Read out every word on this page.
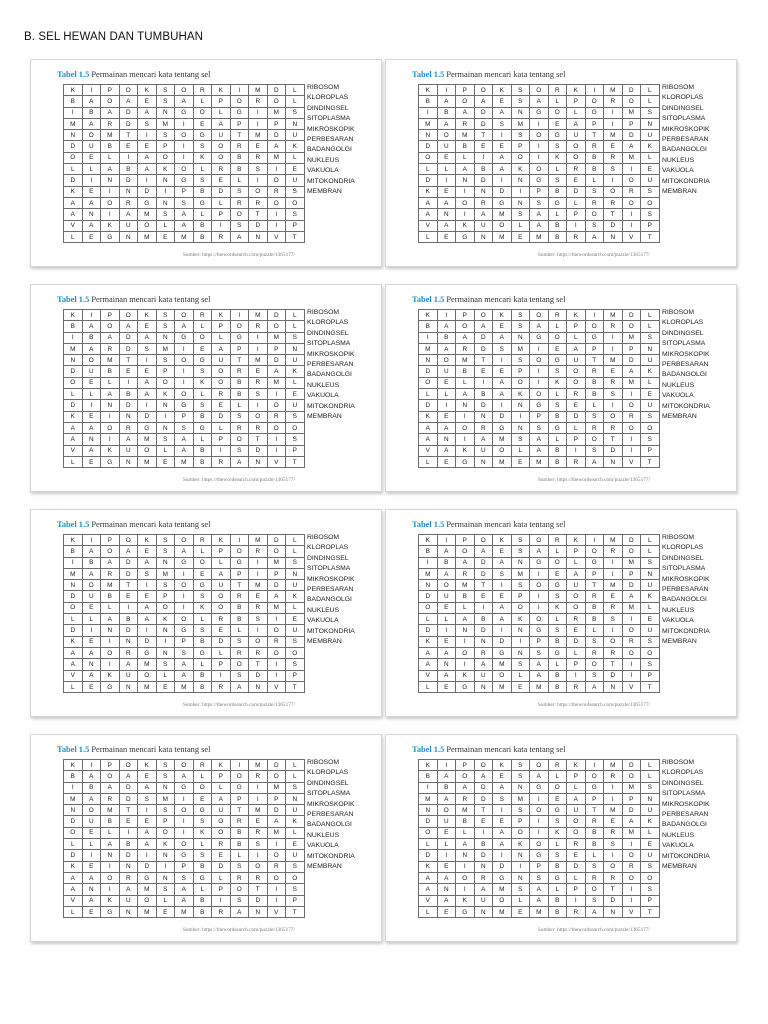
B. SEL HEWAN DAN TUMBUHAN
Tabel 1.5 Permainan mencari kata tentang sel
K	I	P	O	K	S	O	R	K	I	M	D	L
B	A	O	A	E	S	A	L	P	O	R	O	L
I	B	A	D	A	N	G	O	L	G	I	M	S
M	A	R	D	S	M	I	E	A	P	I	P	N
N	O	M	T	I	S	O	G	U	T	M	D	U
D	U	B	E	E	P	I	S	O	R	E	A	K
O	E	L	I	A	O	I	K	O	B	R	M	L
L	L	A	B	A	K	O	L	R	B	S	I	E
D	I	N	D	I	N	G	S	E	L	I	O	U
K	E	I	N	D	I	P	B	D	S	O	R	S
A	A	O	R	G	N	S	G	L	R	R	O	O
A	N	I	A	M	S	A	L	P	O	T	I	S
V	A	K	U	O	L	A	B	I	S	D	I	P
L	E	G	N	M	E	M	B	R	A	N	V	T
RIBOSOM
KLOROPLAS
DINDINGSEL
SITOPLASMA
MIKROSKOPIK
PERBESARAN
BADANGOLGI
NUKLEUS
VAKUOLA
MITOKONDRIA
MEMBRAN
Sumber: https://thewordsearch.com/puzzle/1365177/
Tabel 1.5 Permainan mencari kata tentang sel
K	I	P	O	K	S	O	R	K	I	M	D	L
B	A	O	A	E	S	A	L	P	O	R	O	L
I	B	A	D	A	N	G	O	L	G	I	M	S
M	A	R	D	S	M	I	E	A	P	I	P	N
N	O	M	T	I	S	O	G	U	T	M	D	U
D	U	B	E	E	P	I	S	O	R	E	A	K
O	E	L	I	A	O	I	K	O	B	R	M	L
L	L	A	B	A	K	O	L	R	B	S	I	E
D	I	N	D	I	N	G	S	E	L	I	O	U
K	E	I	N	D	I	P	B	D	S	O	R	S
A	A	O	R	G	N	S	G	L	R	R	O	O
A	N	I	A	M	S	A	L	P	O	T	I	S
V	A	K	U	O	L	A	B	I	S	D	I	P
L	E	G	N	M	E	M	B	R	A	N	V	T
RIBOSOM
KLOROPLAS
DINDINGSEL
SITOPLASMA
MIKROSKOPIK
PERBESARAN
BADANGOLGI
NUKLEUS
VAKUOLA
MITOKONDRIA
MEMBRAN
Sumber: https://thewordsearch.com/puzzle/1365177/
Tabel 1.5 Permainan mencari kata tentang sel
K	I	P	O	K	S	O	R	K	I	M	D	L
B	A	O	A	E	S	A	L	P	O	R	O	L
I	B	A	D	A	N	G	O	L	G	I	M	S
M	A	R	D	S	M	I	E	A	P	I	P	N
N	O	M	T	I	S	O	G	U	T	M	D	U
D	U	B	E	E	P	I	S	O	R	E	A	K
O	E	L	I	A	O	I	K	O	B	R	M	L
L	L	A	B	A	K	O	L	R	B	S	I	E
D	I	N	D	I	N	G	S	E	L	I	O	U
K	E	I	N	D	I	P	B	D	S	O	R	S
A	A	O	R	G	N	S	G	L	R	R	O	O
A	N	I	A	M	S	A	L	P	O	T	I	S
V	A	K	U	O	L	A	B	I	S	D	I	P
L	E	G	N	M	E	M	B	R	A	N	V	T
RIBOSOM
KLOROPLAS
DINDINGSEL
SITOPLASMA
MIKROSKOPIK
PERBESARAN
BADANGOLGI
NUKLEUS
VAKUOLA
MITOKONDRIA
MEMBRAN
Sumber: https://thewordsearch.com/puzzle/1365177/
Tabel 1.5 Permainan mencari kata tentang sel
K	I	P	O	K	S	O	R	K	I	M	D	L
B	A	O	A	E	S	A	L	P	O	R	O	L
I	B	A	D	A	N	G	O	L	G	I	M	S
M	A	R	D	S	M	I	E	A	P	I	P	N
N	O	M	T	I	S	O	G	U	T	M	D	U
D	U	B	E	E	P	I	S	O	R	E	A	K
O	E	L	I	A	O	I	K	O	B	R	M	L
L	L	A	B	A	K	O	L	R	B	S	I	E
D	I	N	D	I	N	G	S	E	L	I	O	U
K	E	I	N	D	I	P	B	D	S	O	R	S
A	A	O	R	G	N	S	G	L	R	R	O	O
A	N	I	A	M	S	A	L	P	O	T	I	S
V	A	K	U	O	L	A	B	I	S	D	I	P
L	E	G	N	M	E	M	B	R	A	N	V	T
RIBOSOM
KLOROPLAS
DINDINGSEL
SITOPLASMA
MIKROSKOPIK
PERBESARAN
BADANGOLGI
NUKLEUS
VAKUOLA
MITOKONDRIA
MEMBRAN
Sumber: https://thewordsearch.com/puzzle/1365177/
Tabel 1.5 Permainan mencari kata tentang sel
K	I	P	O	K	S	O	R	K	I	M	D	L
B	A	O	A	E	S	A	L	P	O	R	O	L
I	B	A	D	A	N	G	O	L	G	I	M	S
M	A	R	D	S	M	I	E	A	P	I	P	N
N	O	M	T	I	S	O	G	U	T	M	D	U
D	U	B	E	E	P	I	S	O	R	E	A	K
O	E	L	I	A	O	I	K	O	B	R	M	L
L	L	A	B	A	K	O	L	R	B	S	I	E
D	I	N	D	I	N	G	S	E	L	I	O	U
K	E	I	N	D	I	P	B	D	S	O	R	S
A	A	O	R	G	N	S	G	L	R	R	O	O
A	N	I	A	M	S	A	L	P	O	T	I	S
V	A	K	U	O	L	A	B	I	S	D	I	P
L	E	G	N	M	E	M	B	R	A	N	V	T
RIBOSOM
KLOROPLAS
DINDINGSEL
SITOPLASMA
MIKROSKOPIK
PERBESARAN
BADANGOLGI
NUKLEUS
VAKUOLA
MITOKONDRIA
MEMBRAN
Sumber: https://thewordsearch.com/puzzle/1365177/
Tabel 1.5 Permainan mencari kata tentang sel
K	I	P	O	K	S	O	R	K	I	M	D	L
B	A	O	A	E	S	A	L	P	O	R	O	L
I	B	A	D	A	N	G	O	L	G	I	M	S
M	A	R	D	S	M	I	E	A	P	I	P	N
N	O	M	T	I	S	O	G	U	T	M	D	U
D	U	B	E	E	P	I	S	O	R	E	A	K
O	E	L	I	A	O	I	K	O	B	R	M	L
L	L	A	B	A	K	O	L	R	B	S	I	E
D	I	N	D	I	N	G	S	E	L	I	O	U
K	E	I	N	D	I	P	B	D	S	O	R	S
A	A	O	R	G	N	S	G	L	R	R	O	O
A	N	I	A	M	S	A	L	P	O	T	I	S
V	A	K	U	O	L	A	B	I	S	D	I	P
L	E	G	N	M	E	M	B	R	A	N	V	T
RIBOSOM
KLOROPLAS
DINDINGSEL
SITOPLASMA
MIKROSKOPIK
PERBESARAN
BADANGOLGI
NUKLEUS
VAKUOLA
MITOKONDRIA
MEMBRAN
Sumber: https://thewordsearch.com/puzzle/1365177/
Tabel 1.5 Permainan mencari kata tentang sel
K	I	P	O	K	S	O	R	K	I	M	D	L
B	A	O	A	E	S	A	L	P	O	R	O	L
I	B	A	D	A	N	G	O	L	G	I	M	S
M	A	R	D	S	M	I	E	A	P	I	P	N
N	O	M	T	I	S	O	G	U	T	M	D	U
D	U	B	E	E	P	I	S	O	R	E	A	K
O	E	L	I	A	O	I	K	O	B	R	M	L
L	L	A	B	A	K	O	L	R	B	S	I	E
D	I	N	D	I	N	G	S	E	L	I	O	U
K	E	I	N	D	I	P	B	D	S	O	R	S
A	A	O	R	G	N	S	G	L	R	R	O	O
A	N	I	A	M	S	A	L	P	O	T	I	S
V	A	K	U	O	L	A	B	I	S	D	I	P
L	E	G	N	M	E	M	B	R	A	N	V	T
RIBOSOM
KLOROPLAS
DINDINGSEL
SITOPLASMA
MIKROSKOPIK
PERBESARAN
BADANGOLGI
NUKLEUS
VAKUOLA
MITOKONDRIA
MEMBRAN
Sumber: https://thewordsearch.com/puzzle/1365177/
Tabel 1.5 Permainan mencari kata tentang sel
K	I	P	O	K	S	O	R	K	I	M	D	L
B	A	O	A	E	S	A	L	P	O	R	O	L
I	B	A	D	A	N	G	O	L	G	I	M	S
M	A	R	D	S	M	I	E	A	P	I	P	N
N	O	M	T	I	S	O	G	U	T	M	D	U
D	U	B	E	E	P	I	S	O	R	E	A	K
O	E	L	I	A	O	I	K	O	B	R	M	L
L	L	A	B	A	K	O	L	R	B	S	I	E
D	I	N	D	I	N	G	S	E	L	I	O	U
K	E	I	N	D	I	P	B	D	S	O	R	S
A	A	O	R	G	N	S	G	L	R	R	O	O
A	N	I	A	M	S	A	L	P	O	T	I	S
V	A	K	U	O	L	A	B	I	S	D	I	P
L	E	G	N	M	E	M	B	R	A	N	V	T
RIBOSOM
KLOROPLAS
DINDINGSEL
SITOPLASMA
MIKROSKOPIK
PERBESARAN
BADANGOLGI
NUKLEUS
VAKUOLA
MITOKONDRIA
MEMBRAN
Sumber: https://thewordsearch.com/puzzle/1365177/
